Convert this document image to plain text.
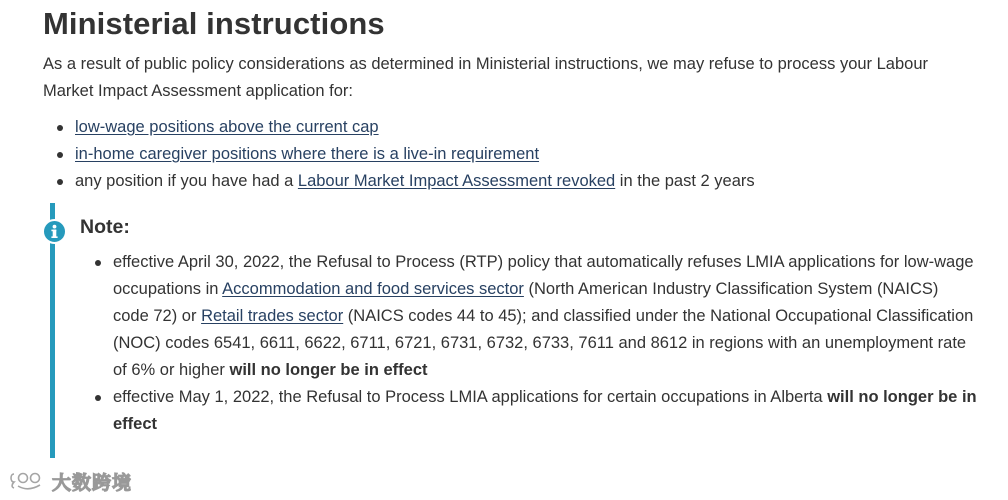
Ministerial instructions

As a result of public policy considerations as determined in Ministerial instructions, we may refuse to process your Labour Market Impact Assessment application for:

low-wage positions above the current cap
in-home caregiver positions where there is a live-in requirement
any position if you have had a Labour Market Impact Assessment revoked in the past 2 years
Note:
effective April 30, 2022, the Refusal to Process (RTP) policy that automatically refuses LMIA applications for low-wage occupations in Accommodation and food services sector (North American Industry Classification System (NAICS) code 72) or Retail trades sector (NAICS codes 44 to 45); and classified under the National Occupational Classification (NOC) codes 6541, 6611, 6622, 6711, 6721, 6731, 6732, 6733, 7611 and 8612 in regions with an unemployment rate of 6% or higher will no longer be in effect
effective May 1, 2022, the Refusal to Process LMIA applications for certain occupations in Alberta will no longer be in effect
大数跨境
